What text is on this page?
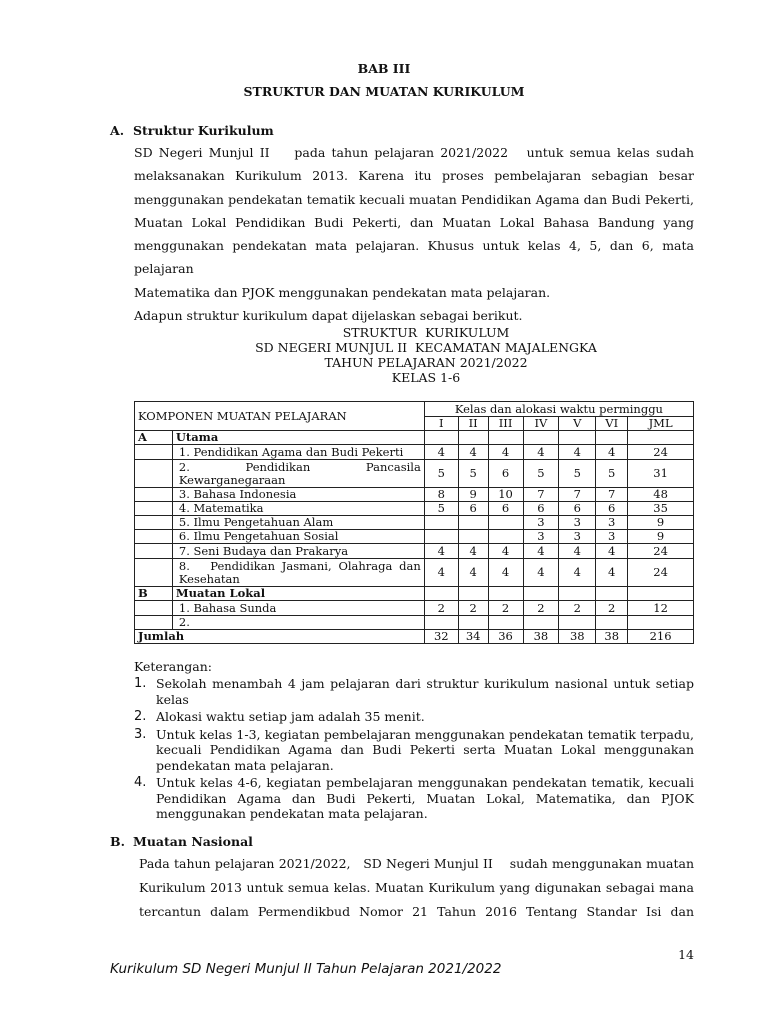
BAB III
STRUKTUR DAN MUATAN KURIKULUM
A. Struktur Kurikulum
SD Negeri Munjul II    pada tahun pelajaran 2021/2022   untuk semua kelas sudah
melaksanakan Kurikulum 2013. Karena itu proses pembelajaran sebagian besar
menggunakan pendekatan tematik kecuali muatan Pendidikan Agama dan Budi Pekerti,
Muatan Lokal Pendidikan Budi Pekerti, dan Muatan Lokal Bahasa Bandung yang
menggunakan pendekatan mata pelajaran. Khusus untuk kelas 4, 5, dan 6, mata pelajaran
Matematika dan PJOK menggunakan pendekatan mata pelajaran.
Adapun struktur kurikulum dapat dijelaskan sebagai berikut.
STRUKTUR  KURIKULUM
SD NEGERI MUNJUL II  KECAMATAN MAJALENGKA
TAHUN PELAJARAN 2021/2022
KELAS 1-6
KOMPONEN MUATAN PELAJARAN		Kelas dan alokasi waktu perminggu						
		I	II	III	IV	V	VI	JML
A	Utama							
	1. Pendidikan Agama dan Budi Pekerti	4	4	4	4	4	4	24

	2.              Pendidikan              Pancasila
Kewarganegaraan	5	5	6	5	5	5	31
	3. Bahasa Indonesia	8	9	10	7	7	7	48
	4. Matematika	5	6	6	6	6	6	35
	5. Ilmu Pengetahuan Alam				3	3	3	9
	6. Ilmu Pengetahuan Sosial				3	3	3	9
	7. Seni Budaya dan Prakarya	4	4	4	4	4	4	24
	8.   Pendidikan Jasmani, Olahraga dan Kesehatan	4	4	4	4	4	4	24
B	Muatan Lokal							
	1. Bahasa Sunda	2	2	2	2	2	2	12
	2.							
Jumlah		32	34	36	38	38	38	216
Keterangan:
1. Sekolah menambah 4 jam pelajaran dari struktur kurikulum nasional untuk setiap kelas
2. Alokasi waktu setiap jam adalah 35 menit.
3. Untuk kelas 1-3, kegiatan pembelajaran menggunakan pendekatan tematik terpadu, kecuali Pendidikan Agama dan Budi Pekerti serta Muatan Lokal menggunakan pendekatan mata pelajaran.
4. Untuk kelas 4-6, kegiatan pembelajaran menggunakan pendekatan tematik, kecuali Pendidikan Agama dan Budi Pekerti, Muatan Lokal, Matematika, dan PJOK menggunakan pendekatan mata pelajaran.
B. Muatan Nasional
Pada tahun pelajaran 2021/2022,   SD Negeri Munjul II    sudah menggunakan muatan
Kurikulum 2013 untuk semua kelas. Muatan Kurikulum yang digunakan sebagai mana
tercantun dalam Permendikbud Nomor 21 Tahun 2016 Tentang Standar Isi dan
14
Kurikulum SD Negeri Munjul II Tahun Pelajaran 2021/2022
